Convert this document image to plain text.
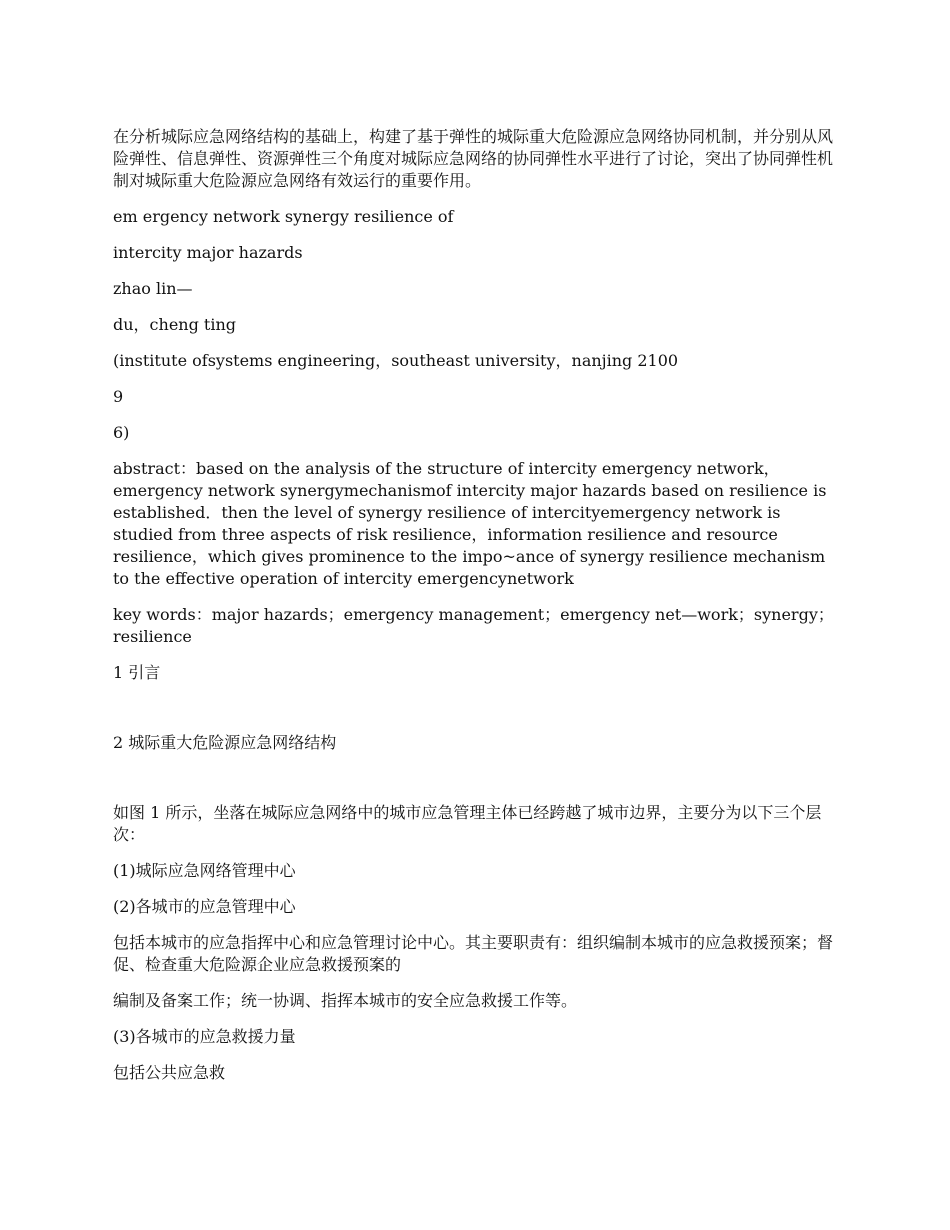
在分析城际应急网络结构的基础上，构建了基于弹性的城际重大危险源应急网络协同机制，并分别从风险弹性、信息弹性、资源弹性三个角度对城际应急网络的协同弹性水平进行了讨论，突出了协同弹性机制对城际重大危险源应急网络有效运行的重要作用。

em ergency network synergy resilience of

intercity major hazards

zhao lin—

du，cheng ting

(institute ofsystems engineering，southeast university，nanjing 2100

9

6)

abstract：based on the analysis of the structure of intercity emergency network，emergency network synergymechanismof intercity major hazards based on resilience is established．then the level of synergy resilience of intercityemergency network is studied from three aspects of risk resilience，information resilience and resource resilience，which gives prominence to the impo~ance of synergy resilience mechanism to the effective operation of intercity emergencynetwork

key words：major hazards；emergency management；emergency net—work；synergy；resilience

1 引言

2 城际重大危险源应急网络结构

如图 1 所示，坐落在城际应急网络中的城市应急管理主体已经跨越了城市边界，主要分为以下三个层次：

(1)城际应急网络管理中心

(2)各城市的应急管理中心

包括本城市的应急指挥中心和应急管理讨论中心。其主要职责有：组织编制本城市的应急救援预案；督促、检查重大危险源企业应急救援预案的

编制及备案工作；统一协调、指挥本城市的安全应急救援工作等。

(3)各城市的应急救援力量

包括公共应急救
